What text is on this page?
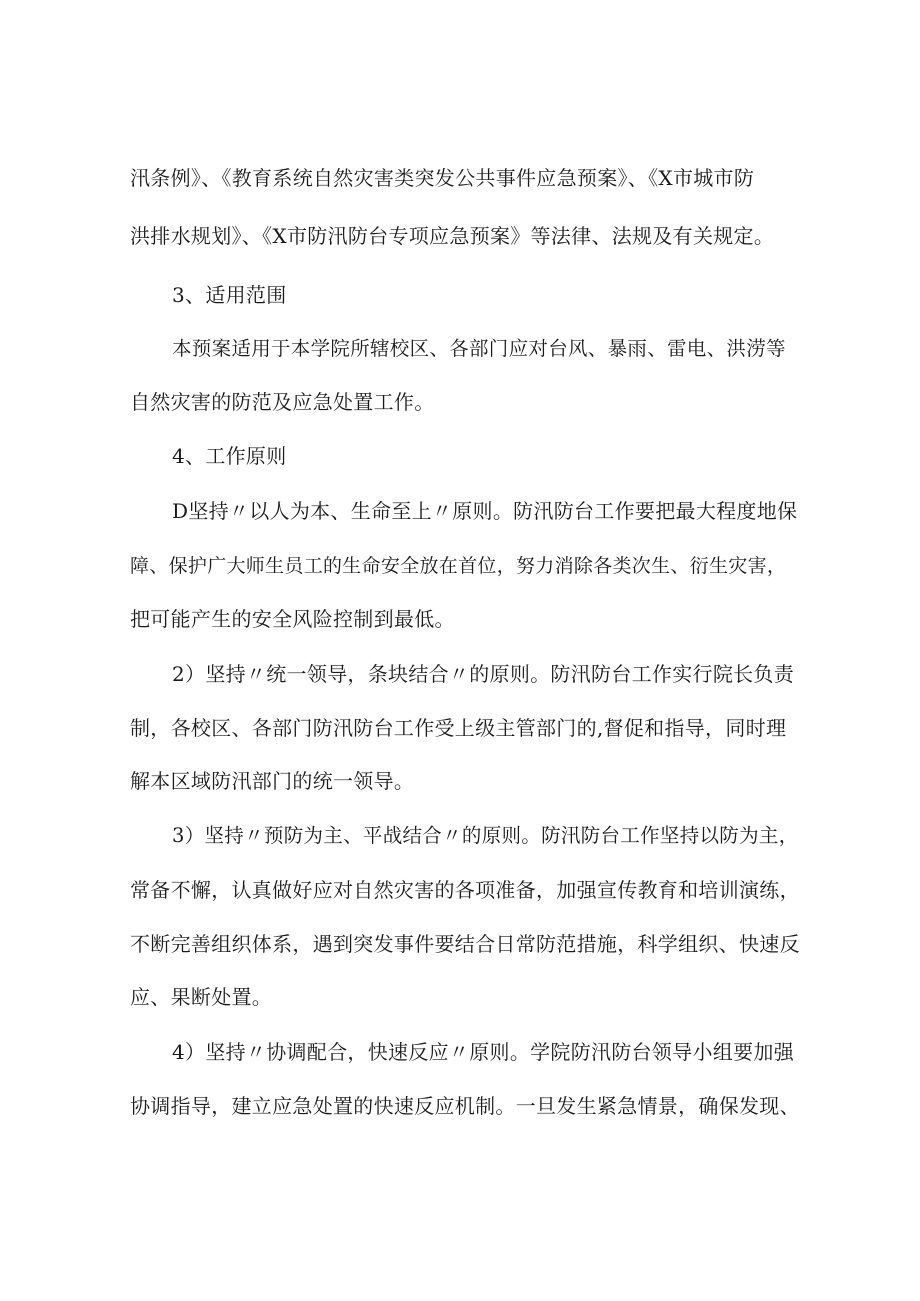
汛条例》、《教育系统自然灾害类突发公共事件应急预案》、《X市城市防

洪排水规划》、《X市防汛防台专项应急预案》等法律、法规及有关规定。

3、适用范围

本预案适用于本学院所辖校区、各部门应对台风、暴雨、雷电、洪涝等

自然灾害的防范及应急处置工作。

4、工作原则

D坚持〃以人为本、生命至上〃原则。防汛防台工作要把最大程度地保

障、保护广大师生员工的生命安全放在首位，努力消除各类次生、衍生灾害，

把可能产生的安全风险控制到最低。

2）坚持〃统一领导，条块结合〃的原则。防汛防台工作实行院长负责

制，各校区、各部门防汛防台工作受上级主管部门的,督促和指导，同时理

解本区域防汛部门的统一领导。

3）坚持〃预防为主、平战结合〃的原则。防汛防台工作坚持以防为主，

常备不懈，认真做好应对自然灾害的各项准备，加强宣传教育和培训演练，

不断完善组织体系，遇到突发事件要结合日常防范措施，科学组织、快速反

应、果断处置。

4）坚持〃协调配合，快速反应〃原则。学院防汛防台领导小组要加强

协调指导，建立应急处置的快速反应机制。一旦发生紧急情景，确保发现、
